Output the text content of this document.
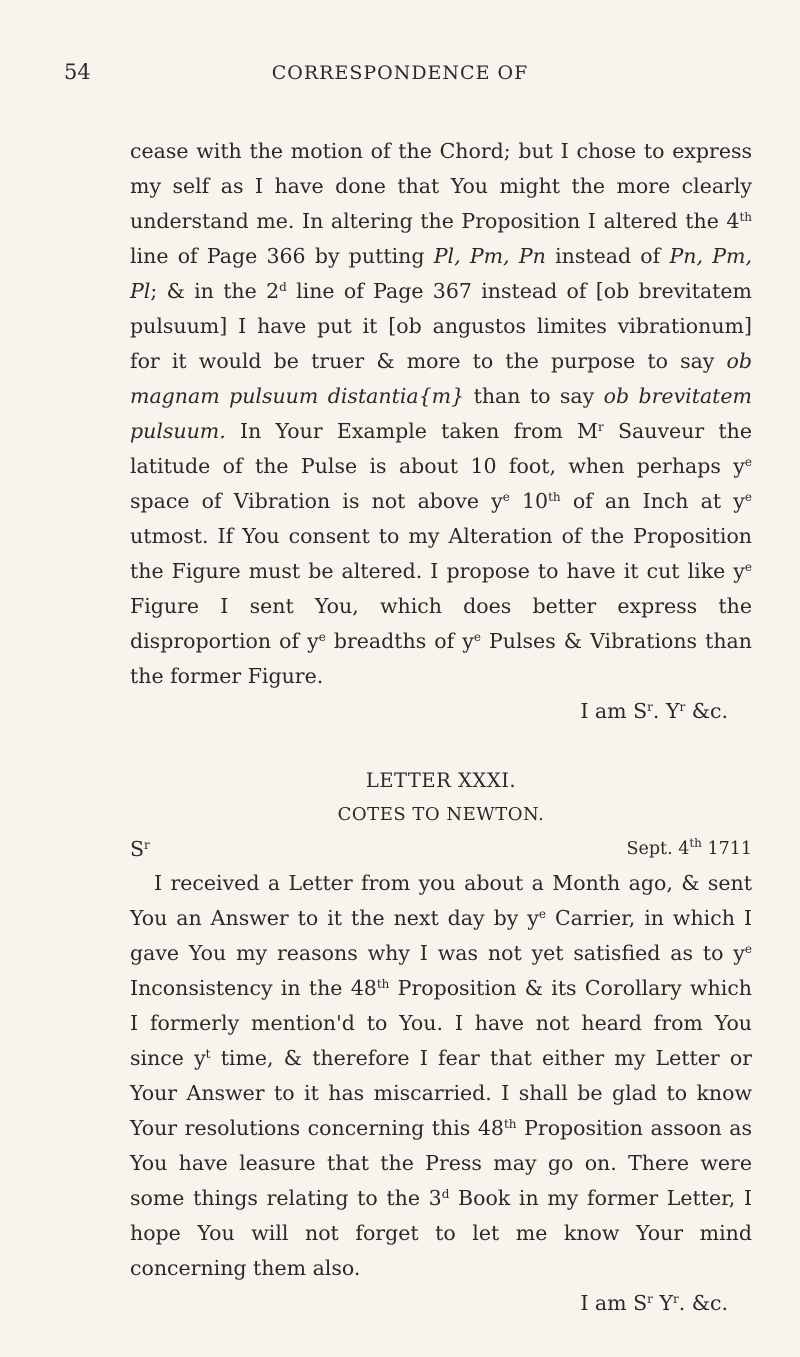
54	CORRESPONDENCE OF

cease with the motion of the Chord; but I chose to express my self as I have done that You might the more clearly understand me. In altering the Proposition I altered the 4th line of Page 366 by putting Pl, Pm, Pn instead of Pn, Pm, Pl; & in the 2$^d$ line of Page 367 instead of [ob brevitatem pulsuum] I have put it [ob angustos limites vibrationum] for it would be truer & more to the purpose to say ob magnam pulsuum distantia{m} than to say ob brevitatem pulsuum. In Your Example taken from $M^r$ Sauveur the latitude of the Pulse is about 10 foot, when perhaps $y^e$ space of Vibration is not above $y^e$ 10th of an Inch at $y^e$ utmost. If You consent to my Alteration of the Proposition the Figure must be altered. I propose to have it cut like $y^e$ Figure I sent You, which does better express the disproportion of $y^e$ breadths of $y^e$ Pulses & Vibrations than the former Figure.

I am $S^r$. $Y^r$ &c.
LETTER XXXI.
COTES TO NEWTON.
$S^r$	Sept. 4th 1711

I received a Letter from you about a Month ago, & sent You an Answer to it the next day by $y^e$ Carrier, in which I gave You my reasons why I was not yet satisfied as to $y^e$ Inconsistency in the 48th Proposition & its Corollary which I formerly mention'd to You. I have not heard from You since $y^t$ time, & therefore I fear that either my Letter or Your Answer to it has miscarried. I shall be glad to know Your resolutions concerning this 48th Proposition assoon as You have leasure that the Press may go on. There were some things relating to the 3$^d$ Book in my former Letter, I hope You will not forget to let me know Your mind concerning them also.

I am $S^r$ $Y^r$. &c.
